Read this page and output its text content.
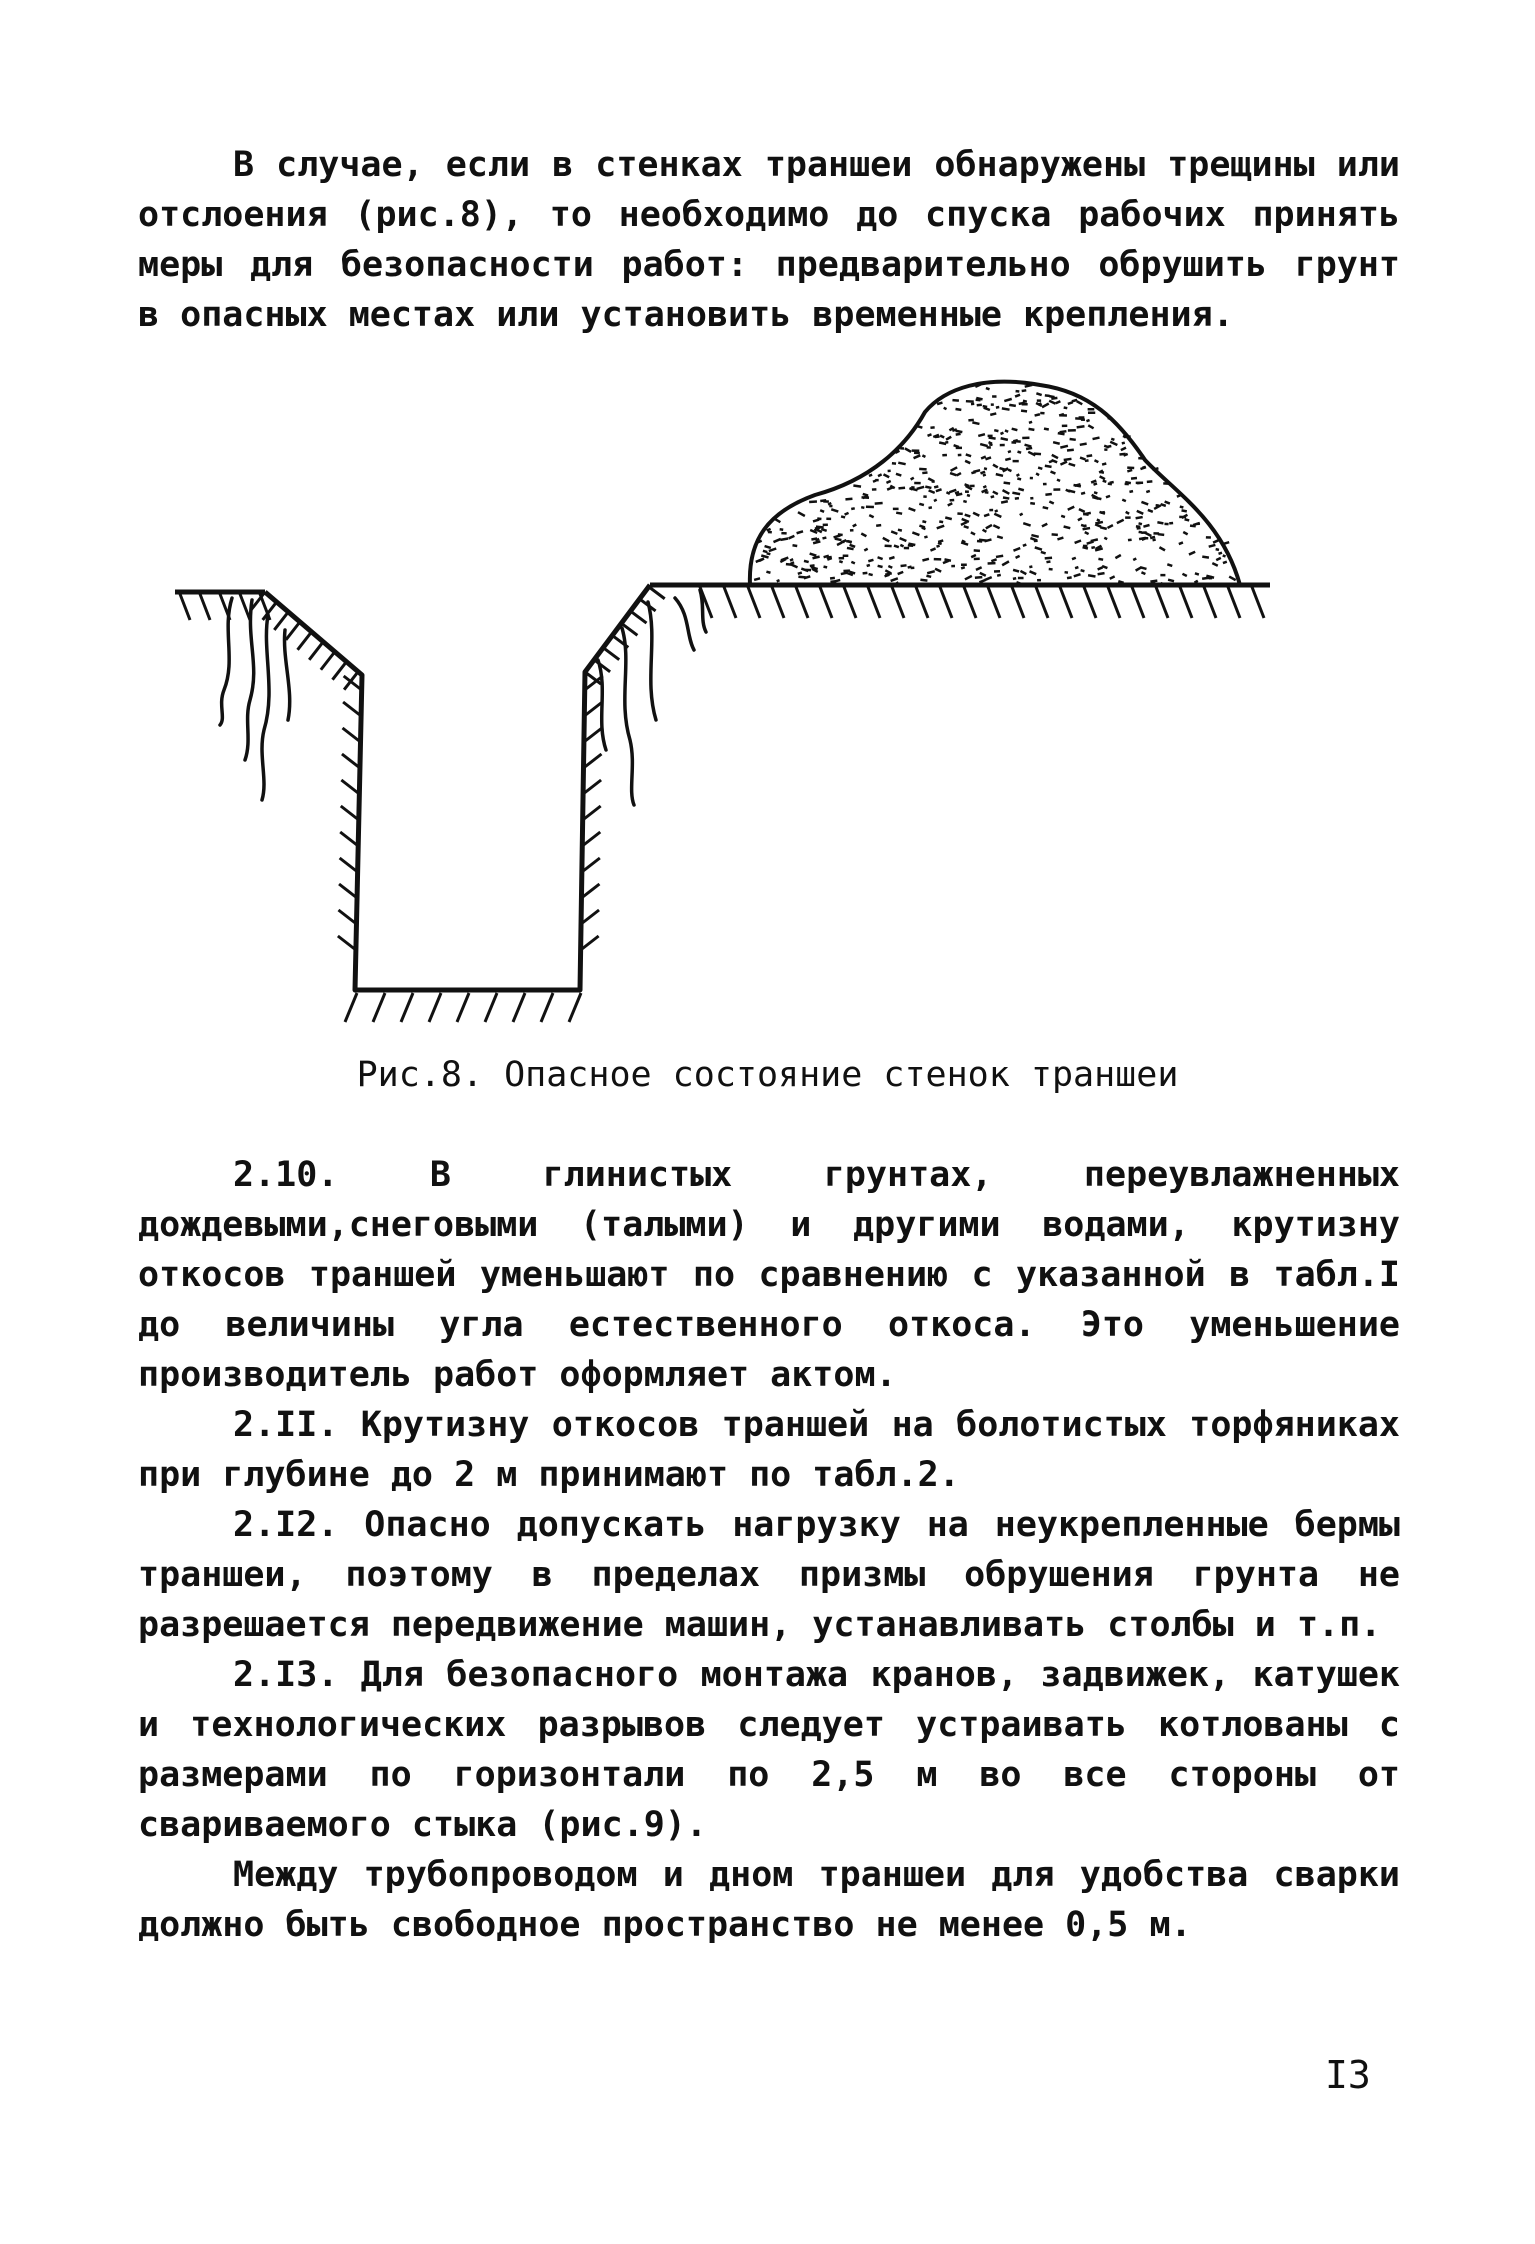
В случае, если в стенках траншеи обнаружены трещины или отслоения (рис.8), то необходимо до спуска рабочих принять меры для безопасности работ: предварительно обрушить грунт в опасных местах или установить временные крепления.

Рис.8. Опасное состояние стенок траншеи

2.10. В глинистых грунтах, переувлажненных дождевыми,снеговыми (талыми) и другими водами, крутизну откосов траншей уменьшают по сравнению с указанной в табл.I до величины угла естественного откоса. Это уменьшение производитель работ оформляет актом.

2.II. Крутизну откосов траншей на болотистых торфяниках при глубине до 2 м принимают по табл.2.

2.I2. Опасно допускать нагрузку на неукрепленные бермы траншеи, поэтому в пределах призмы обрушения грунта не разрешается передвижение машин, устанавливать столбы и т.п.

2.I3. Для безопасного монтажа кранов, задвижек, катушек и технологических разрывов следует устраивать котлованы с размерами по горизонтали по 2,5 м во все стороны от свариваемого стыка (рис.9).

Между трубопроводом и дном траншеи для удобства сварки должно быть свободное пространство не менее 0,5 м.

I3
